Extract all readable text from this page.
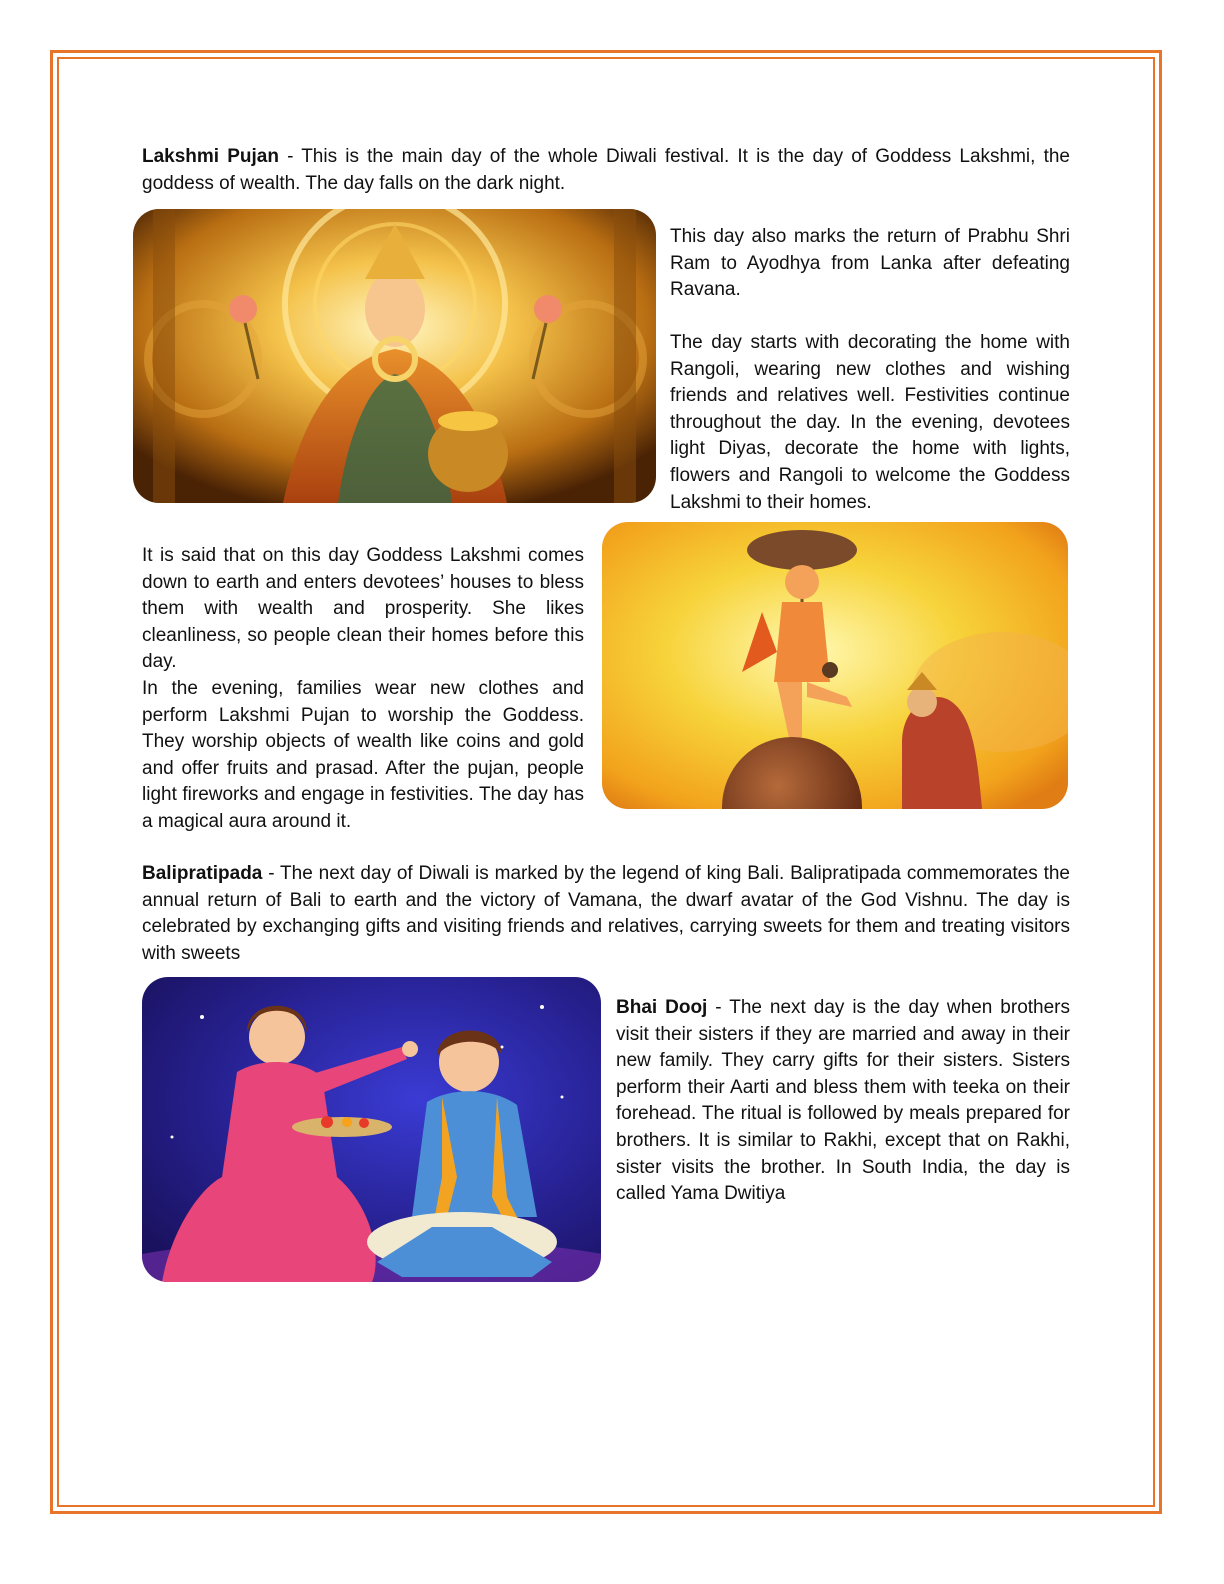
Lakshmi Pujan - This is the main day of the whole Diwali festival. It is the day of Goddess Lakshmi, the goddess of wealth. The day falls on the dark night.

This day also marks the return of Prabhu Shri Ram to Ayodhya from Lanka after defeating Ravana.

The day starts with decorating the home with Rangoli, wearing new clothes and wishing friends and relatives well. Festivities continue throughout the day. In the evening, devotees light Diyas, decorate the home with lights, flowers and Rangoli to welcome the Goddess Lakshmi to their homes.

It is said that on this day Goddess Lakshmi comes down to earth and enters devotees’ houses to bless them with wealth and prosperity. She likes cleanliness, so people clean their homes before this day.
In the evening, families wear new clothes and perform Lakshmi Pujan to worship the Goddess. They worship objects of wealth like coins and gold and offer fruits and prasad. After the pujan, people light fireworks and engage in festivities. The day has a magical aura around it.

Balipratipada - The next day of Diwali is marked by the legend of king Bali. Balipratipada commemorates the annual return of Bali to earth and the victory of Vamana, the dwarf avatar of the God Vishnu. The day is celebrated by exchanging gifts and visiting friends and relatives, carrying sweets for them and treating visitors with sweets

Bhai Dooj - The next day is the day when brothers visit their sisters if they are married and away in their new family. They carry gifts for their sisters. Sisters perform their Aarti and bless them with teeka on their forehead. The ritual is followed by meals prepared for brothers. It is similar to Rakhi, except that on Rakhi, sister visits the brother. In South India, the day is called Yama Dwitiya
